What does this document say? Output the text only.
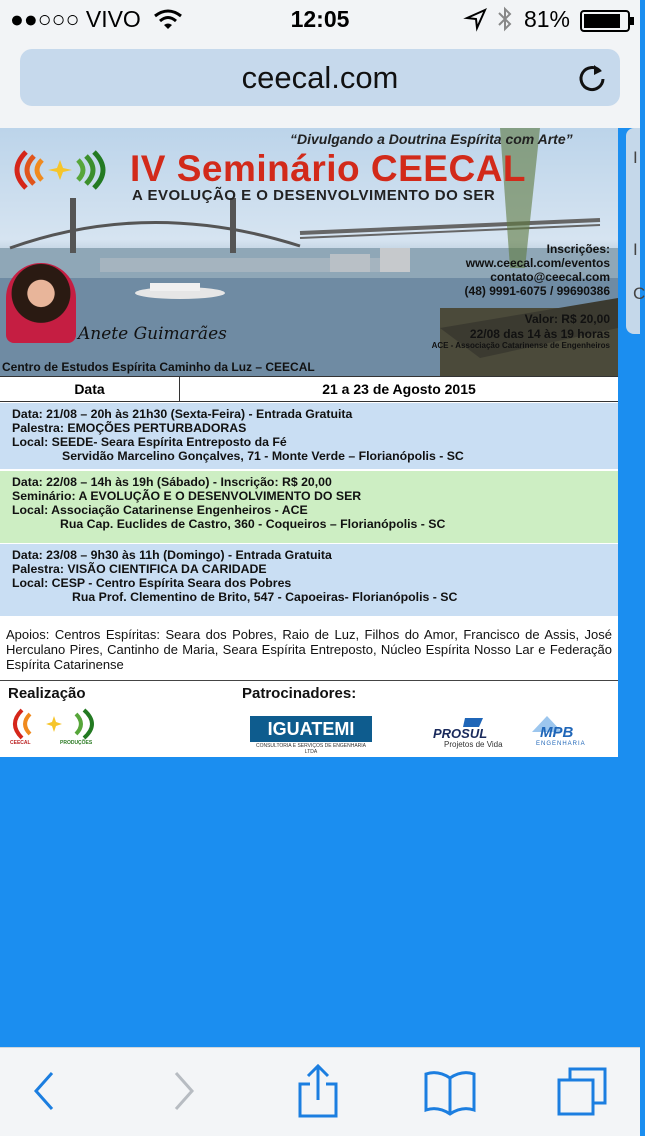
●●○○○ VIVO	12:05	81%
ceecal.com
“Divulgando a Doutrina Espírita com Arte”
IV Seminário CEECAL
A EVOLUÇÃO E O DESENVOLVIMENTO DO SER
Anete Guimarães
Inscrições:
www.ceecal.com/eventos
contato@ceecal.com
(48) 9991-6075 / 99690386
Valor: R$ 20,00
22/08 das 14 às 19 horas
ACE - Associação Catarinense de Engenheiros
Centro de Estudos Espírita Caminho da Luz – CEECAL
Data	21 a 23 de Agosto 2015
Data: 21/08 – 20h às 21h30 (Sexta-Feira) - Entrada Gratuita
Palestra: EMOÇÕES PERTURBADORAS
Local: SEEDE- Seara Espírita Entreposto da Fé
Servidão Marcelino Gonçalves, 71 - Monte Verde – Florianópolis - SC
Data: 22/08 – 14h às 19h (Sábado) - Inscrição: R$ 20,00
Seminário: A EVOLUÇÃO E O DESENVOLVIMENTO DO SER
Local: Associação Catarinense Engenheiros - ACE
Rua Cap. Euclides de Castro, 360 - Coqueiros – Florianópolis - SC
Data: 23/08 – 9h30 às 11h (Domingo) - Entrada Gratuita
Palestra: VISÃO CIENTIFICA DA CARIDADE
Local: CESP - Centro Espírita Seara dos Pobres
Rua Prof. Clementino de Brito, 547 - Capoeiras- Florianópolis - SC
Apoios: Centros Espíritas: Seara dos Pobres, Raio de Luz, Filhos do Amor, Francisco de Assis, José Herculano Pires, Cantinho de Maria, Seara Espírita Entreposto, Núcleo Espírita Nosso Lar e Federação Espírita Catarinense
Realização	Patrocinadores:
CEECAL	PRODUÇÕES
IGUATEMI
CONSULTORIA E SERVIÇOS DE ENGENHARIA LTDA
PROSUL
Projetos de Vida
MPB
ENGENHARIA
I
I
C
